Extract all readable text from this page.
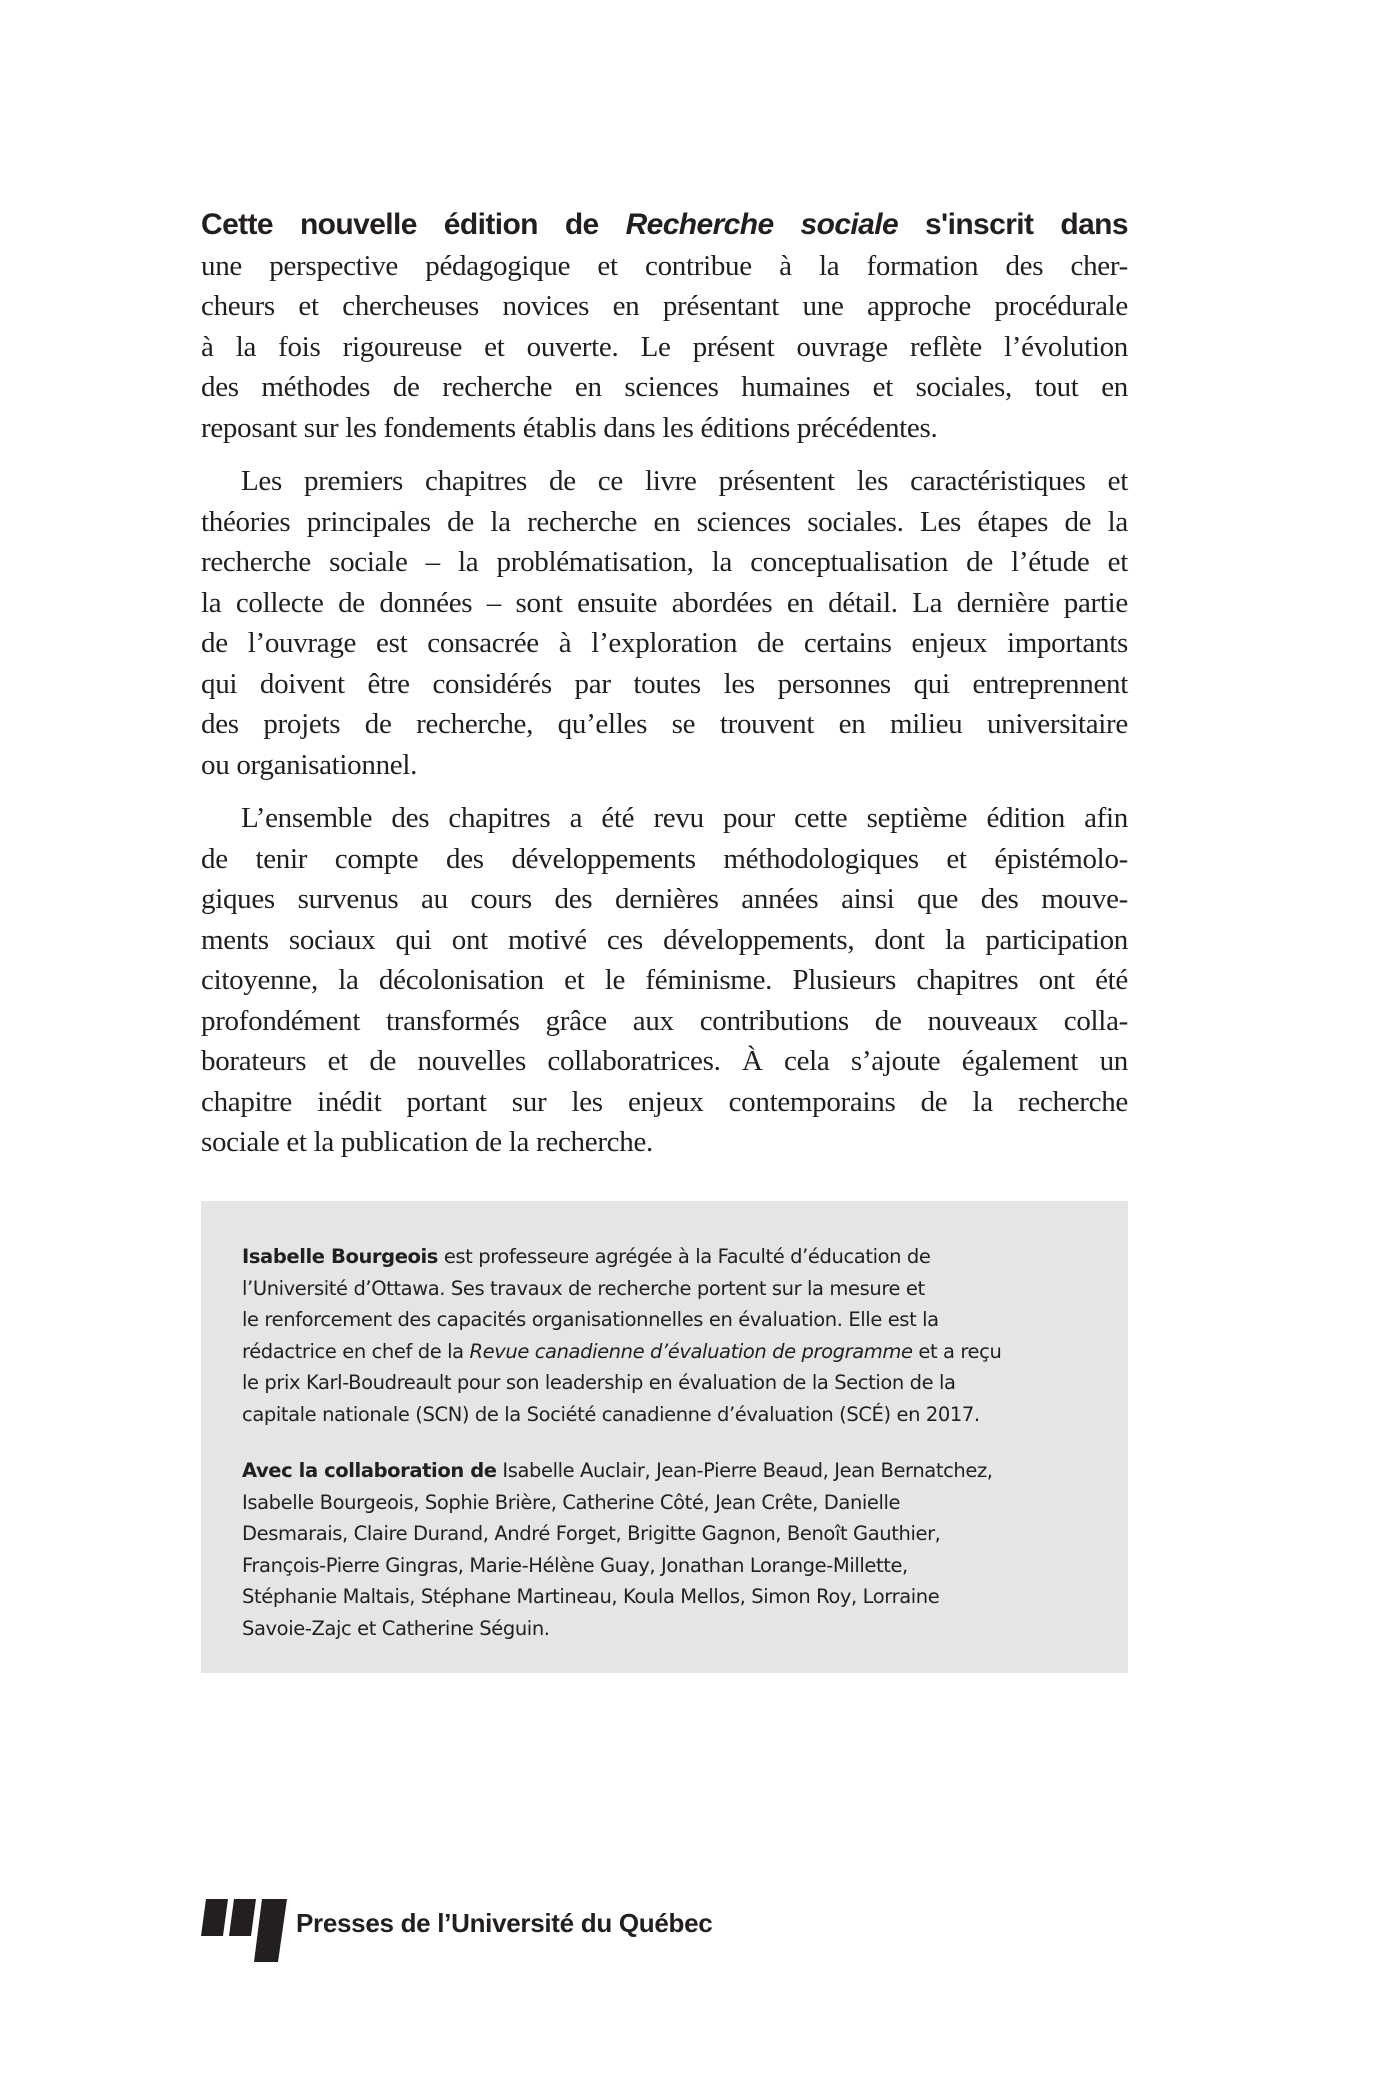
Cette nouvelle édition de Recherche sociale s'inscrit dans
une perspective pédagogique et contribue à la formation des cher-
cheurs et chercheuses novices en présentant une approche procédurale
à la fois rigoureuse et ouverte. Le présent ouvrage reflète l’évolution
des méthodes de recherche en sciences humaines et sociales, tout en
reposant sur les fondements établis dans les éditions précédentes.
Les premiers chapitres de ce livre présentent les caractéristiques et
théories principales de la recherche en sciences sociales. Les étapes de la
recherche sociale – la problématisation, la conceptualisation de l’étude et
la collecte de données – sont ensuite abordées en détail. La dernière partie
de l’ouvrage est consacrée à l’exploration de certains enjeux importants
qui doivent être considérés par toutes les personnes qui entreprennent
des projets de recherche, qu’elles se trouvent en milieu universitaire
ou organisationnel.
L’ensemble des chapitres a été revu pour cette septième édition afin
de tenir compte des développements méthodologiques et épistémolo-
giques survenus au cours des dernières années ainsi que des mouve-
ments sociaux qui ont motivé ces développements, dont la participation
citoyenne, la décolonisation et le féminisme. Plusieurs chapitres ont été
profondément transformés grâce aux contributions de nouveaux colla-
borateurs et de nouvelles collaboratrices. À cela s’ajoute également un
chapitre inédit portant sur les enjeux contemporains de la recherche
sociale et la publication de la recherche.
Isabelle Bourgeois est professeure agrégée à la Faculté d’éducation de
l’Université d’Ottawa. Ses travaux de recherche portent sur la mesure et
le renforcement des capacités organisationnelles en évaluation. Elle est la
rédactrice en chef de la Revue canadienne d’évaluation de programme et a reçu
le prix Karl-Boudreault pour son leadership en évaluation de la Section de la
capitale nationale (SCN) de la Société canadienne d’évaluation (SCÉ) en 2017.
Avec la collaboration de Isabelle Auclair, Jean-Pierre Beaud, Jean Bernatchez,
Isabelle Bourgeois, Sophie Brière, Catherine Côté, Jean Crête, Danielle
Desmarais, Claire Durand, André Forget, Brigitte Gagnon, Benoît Gauthier,
François-Pierre Gingras, Marie-Hélène Guay, Jonathan Lorange-Millette,
Stéphanie Maltais, Stéphane Martineau, Koula Mellos, Simon Roy, Lorraine
Savoie-Zajc et Catherine Séguin.
Presses de l’Université du Québec
